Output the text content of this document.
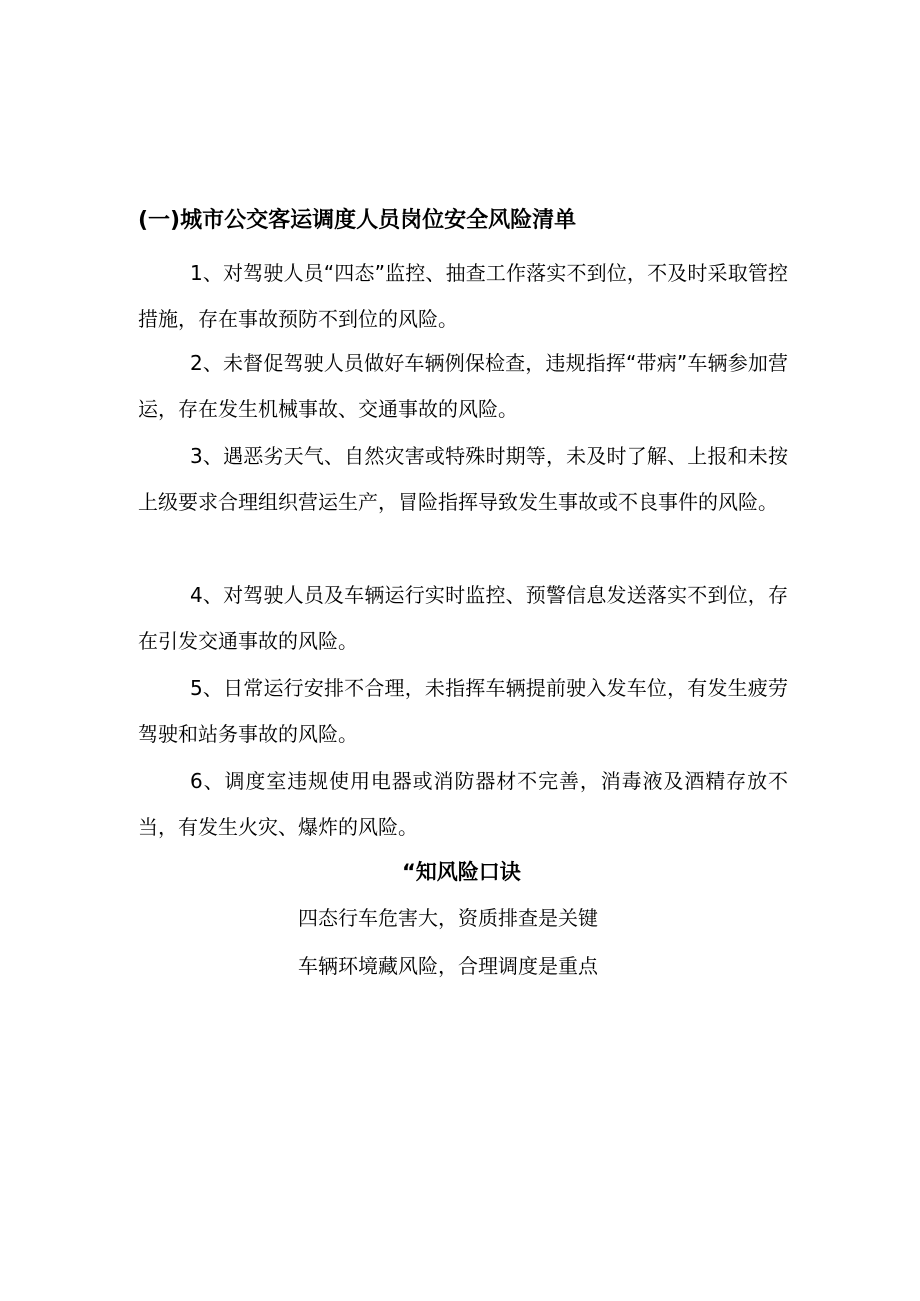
(一)城市公交客运调度人员岗位安全风险清单
1、对驾驶人员“四态”监控、抽查工作落实不到位，不及时采取管控措施，存在事故预防不到位的风险。
2、未督促驾驶人员做好车辆例保检查，违规指挥“带病”车辆参加营运，存在发生机械事故、交通事故的风险。
3、遇恶劣天气、自然灾害或特殊时期等，未及时了解、上报和未按上级要求合理组织营运生产，冒险指挥导致发生事故或不良事件的风险。
4、对驾驶人员及车辆运行实时监控、预警信息发送落实不到位，存在引发交通事故的风险。
5、日常运行安排不合理，未指挥车辆提前驶入发车位，有发生疲劳驾驶和站务事故的风险。
6、调度室违规使用电器或消防器材不完善，消毒液及酒精存放不当，有发生火灾、爆炸的风险。
“知风险口诀
四态行车危害大，资质排查是关键
车辆环境藏风险，合理调度是重点
